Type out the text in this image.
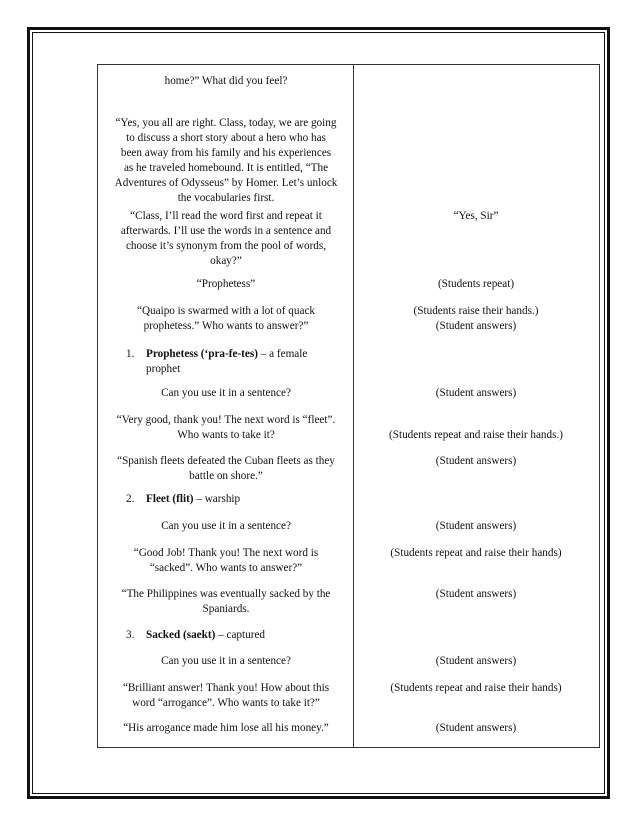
home?” What did you feel?
“Yes, you all are right. Class, today, we are going
to discuss a short story about a hero who has
been away from his family and his experiences
as he traveled homebound. It is entitled, “The
Adventures of Odysseus” by Homer. Let’s unlock
the vocabularies first.
“Class, I’ll read the word first and repeat it
afterwards. I’ll use the words in a sentence and
choose it’s synonym from the pool of words,
okay?”
“Prophetess”
“Quaipo is swarmed with a lot of quack
prophetess.” Who wants to answer?”
1. Prophetess (‘pra-fe-tes) – a female
prophet
Can you use it in a sentence?
“Very good, thank you! The next word is “fleet”.
Who wants to take it?
“Spanish fleets defeated the Cuban fleets as they
battle on shore.”
2. Fleet (flit) – warship
Can you use it in a sentence?
“Good Job! Thank you! The next word is
“sacked”. Who wants to answer?”
“The Philippines was eventually sacked by the
Spaniards.
3. Sacked (saekt) – captured
Can you use it in a sentence?
“Brilliant answer! Thank you! How about this
word “arrogance”. Who wants to take it?”
“His arrogance made him lose all his money.”
“Yes, Sir”
(Students repeat)
(Students raise their hands.)
(Student answers)
(Student answers)
(Students repeat and raise their hands.)
(Student answers)
(Student answers)
(Students repeat and raise their hands)
(Student answers)
(Student answers)
(Students repeat and raise their hands)
(Student answers)
